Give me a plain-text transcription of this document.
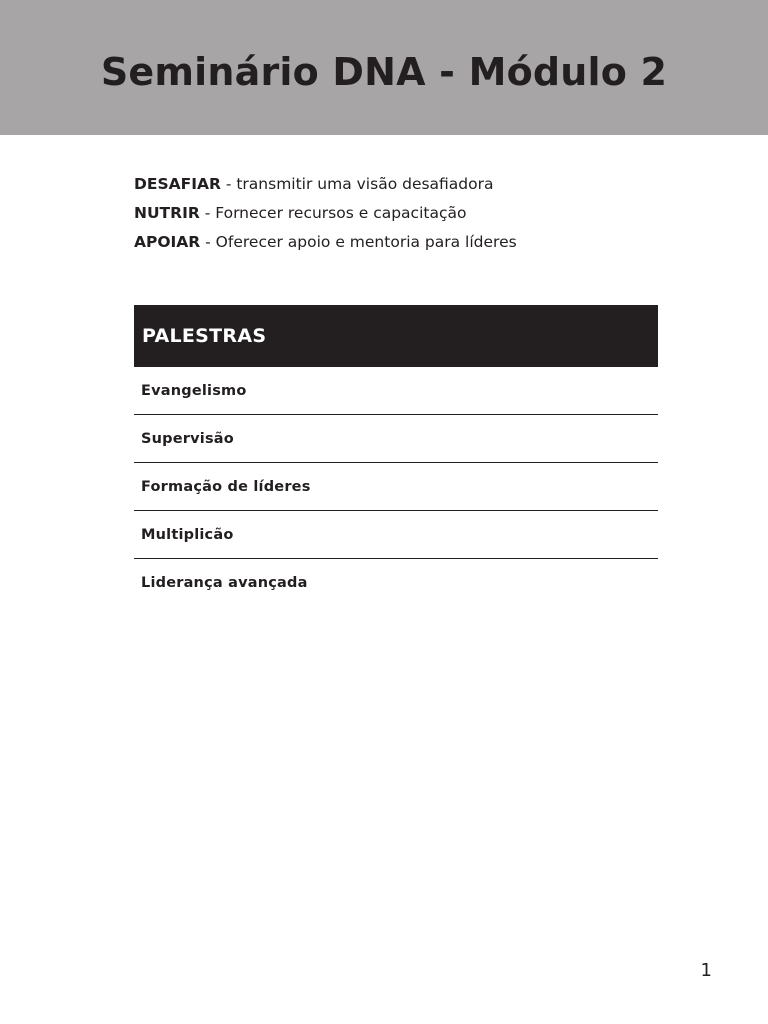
Seminário DNA - Módulo 2
DESAFIAR - transmitir uma visão desafiadora
NUTRIR - Fornecer recursos e capacitação
APOIAR - Oferecer apoio e mentoria para líderes
PALESTRAS
Evangelismo
Supervisão
Formação de líderes
Multiplicão
Liderança avançada
1
